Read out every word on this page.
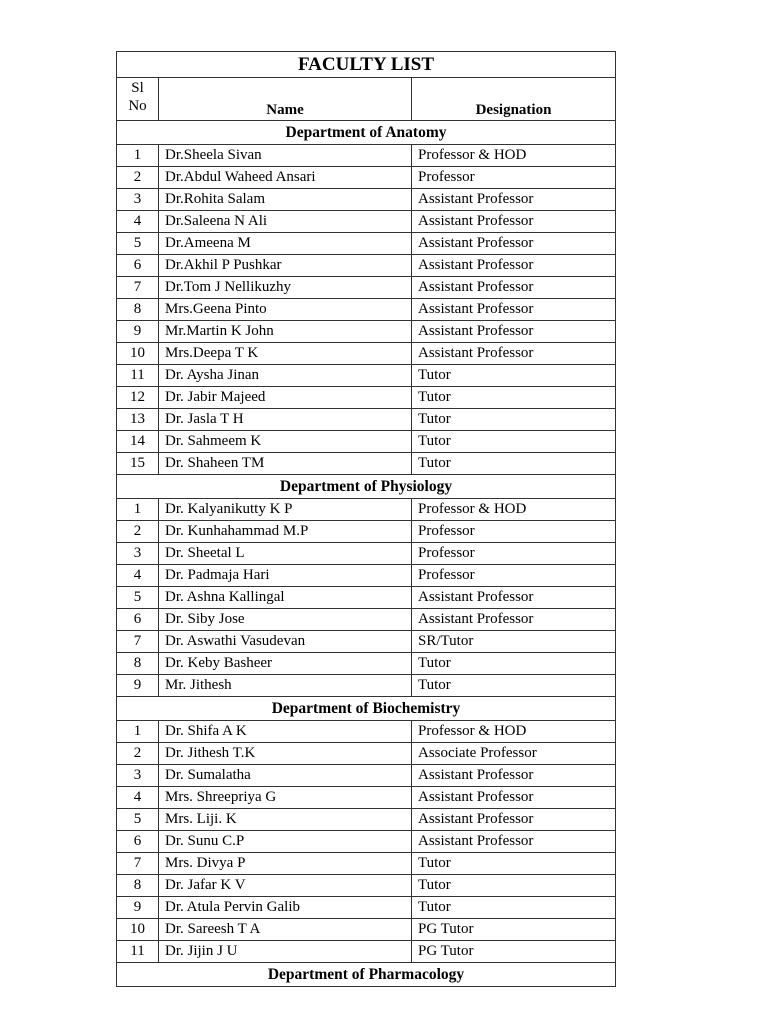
FACULTY LIST		
Sl
No	Name	Designation
Department of Anatomy		
1	Dr.Sheela Sivan	Professor & HOD
2	Dr.Abdul Waheed Ansari	Professor
3	Dr.Rohita Salam	Assistant Professor
4	Dr.Saleena N Ali	Assistant Professor
5	Dr.Ameena M	Assistant Professor
6	Dr.Akhil P Pushkar	Assistant Professor
7	Dr.Tom J Nellikuzhy	Assistant Professor
8	Mrs.Geena Pinto	Assistant Professor
9	Mr.Martin K John	Assistant Professor
10	Mrs.Deepa T K	Assistant Professor
11	Dr. Aysha Jinan	Tutor
12	Dr. Jabir Majeed	Tutor
13	Dr. Jasla T H	Tutor
14	Dr. Sahmeem K	Tutor
15	Dr. Shaheen TM	Tutor
Department of Physiology		
1	Dr. Kalyanikutty K P	Professor & HOD
2	Dr. Kunhahammad M.P	Professor
3	Dr. Sheetal L	Professor
4	Dr. Padmaja Hari	Professor
5	Dr. Ashna Kallingal	Assistant Professor
6	Dr. Siby Jose	Assistant Professor
7	Dr. Aswathi Vasudevan	SR/Tutor
8	Dr. Keby Basheer	Tutor
9	Mr. Jithesh	Tutor
Department of Biochemistry		
1	Dr. Shifa A K	Professor & HOD
2	Dr. Jithesh T.K	Associate Professor
3	Dr. Sumalatha	Assistant Professor
4	Mrs. Shreepriya G	Assistant Professor
5	Mrs. Liji. K	Assistant Professor
6	Dr. Sunu C.P	Assistant Professor
7	Mrs. Divya P	Tutor
8	Dr. Jafar K V	Tutor
9	Dr. Atula Pervin Galib	Tutor
10	Dr. Sareesh T A	PG Tutor
11	Dr. Jijin J U	PG Tutor
Department of Pharmacology		
